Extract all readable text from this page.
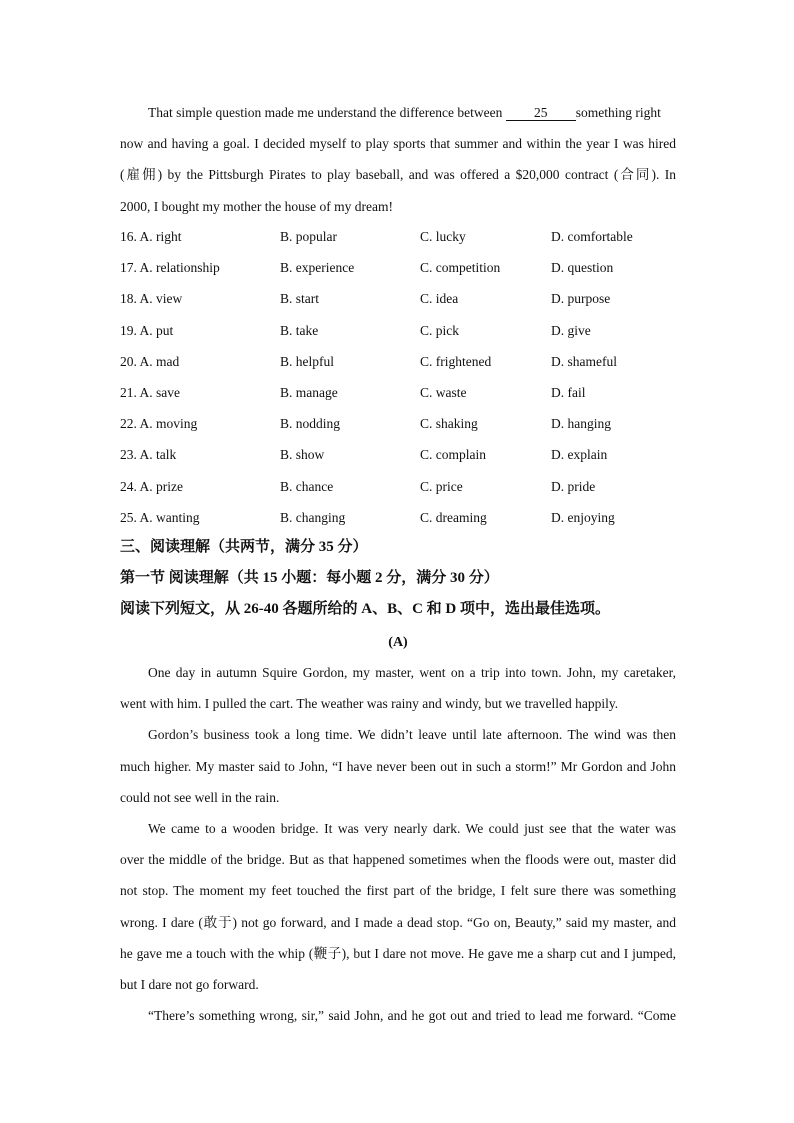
That simple question made me understand the difference between 25 something right
now and having a goal. I decided myself to play sports that summer and within the year I was hired
(雇佣) by the Pittsburgh Pirates to play baseball, and was offered a $20,000 contract (合同). In
2000, I bought my mother the house of my dream!
16. A. right	B. popular	C. lucky	D. comfortable
17. A. relationship	B. experience	C. competition	D. question
18. A. view	B. start	C. idea	D. purpose
19. A. put	B. take	C. pick	D. give
20. A. mad	B. helpful	C. frightened	D. shameful
21. A. save	B. manage	C. waste	D. fail
22. A. moving	B. nodding	C. shaking	D. hanging
23. A. talk	B. show	C. complain	D. explain
24. A. prize	B. chance	C. price	D. pride
25. A. wanting	B. changing	C. dreaming	D. enjoying
三、阅读理解（共两节，满分 35 分）
第一节 阅读理解（共 15 小题：每小题 2 分，满分 30 分）
阅读下列短文，从 26-40 各题所给的 A、B、C 和 D 项中，选出最佳选项。
(A)
One day in autumn Squire Gordon, my master, went on a trip into town. John, my caretaker,
went with him. I pulled the cart. The weather was rainy and windy, but we travelled happily.
Gordon’s business took a long time. We didn’t leave until late afternoon. The wind was then
much higher. My master said to John, “I have never been out in such a storm!” Mr Gordon and John
could not see well in the rain.
We came to a wooden bridge. It was very nearly dark. We could just see that the water was
over the middle of the bridge. But as that happened sometimes when the floods were out, master did
not stop. The moment my feet touched the first part of the bridge, I felt sure there was something
wrong. I dare (敢于) not go forward, and I made a dead stop. “Go on, Beauty,” said my master, and
he gave me a touch with the whip (鞭子), but I dare not move. He gave me a sharp cut and I jumped,
but I dare not go forward.
“There’s something wrong, sir,” said John, and he got out and tried to lead me forward. “Come
